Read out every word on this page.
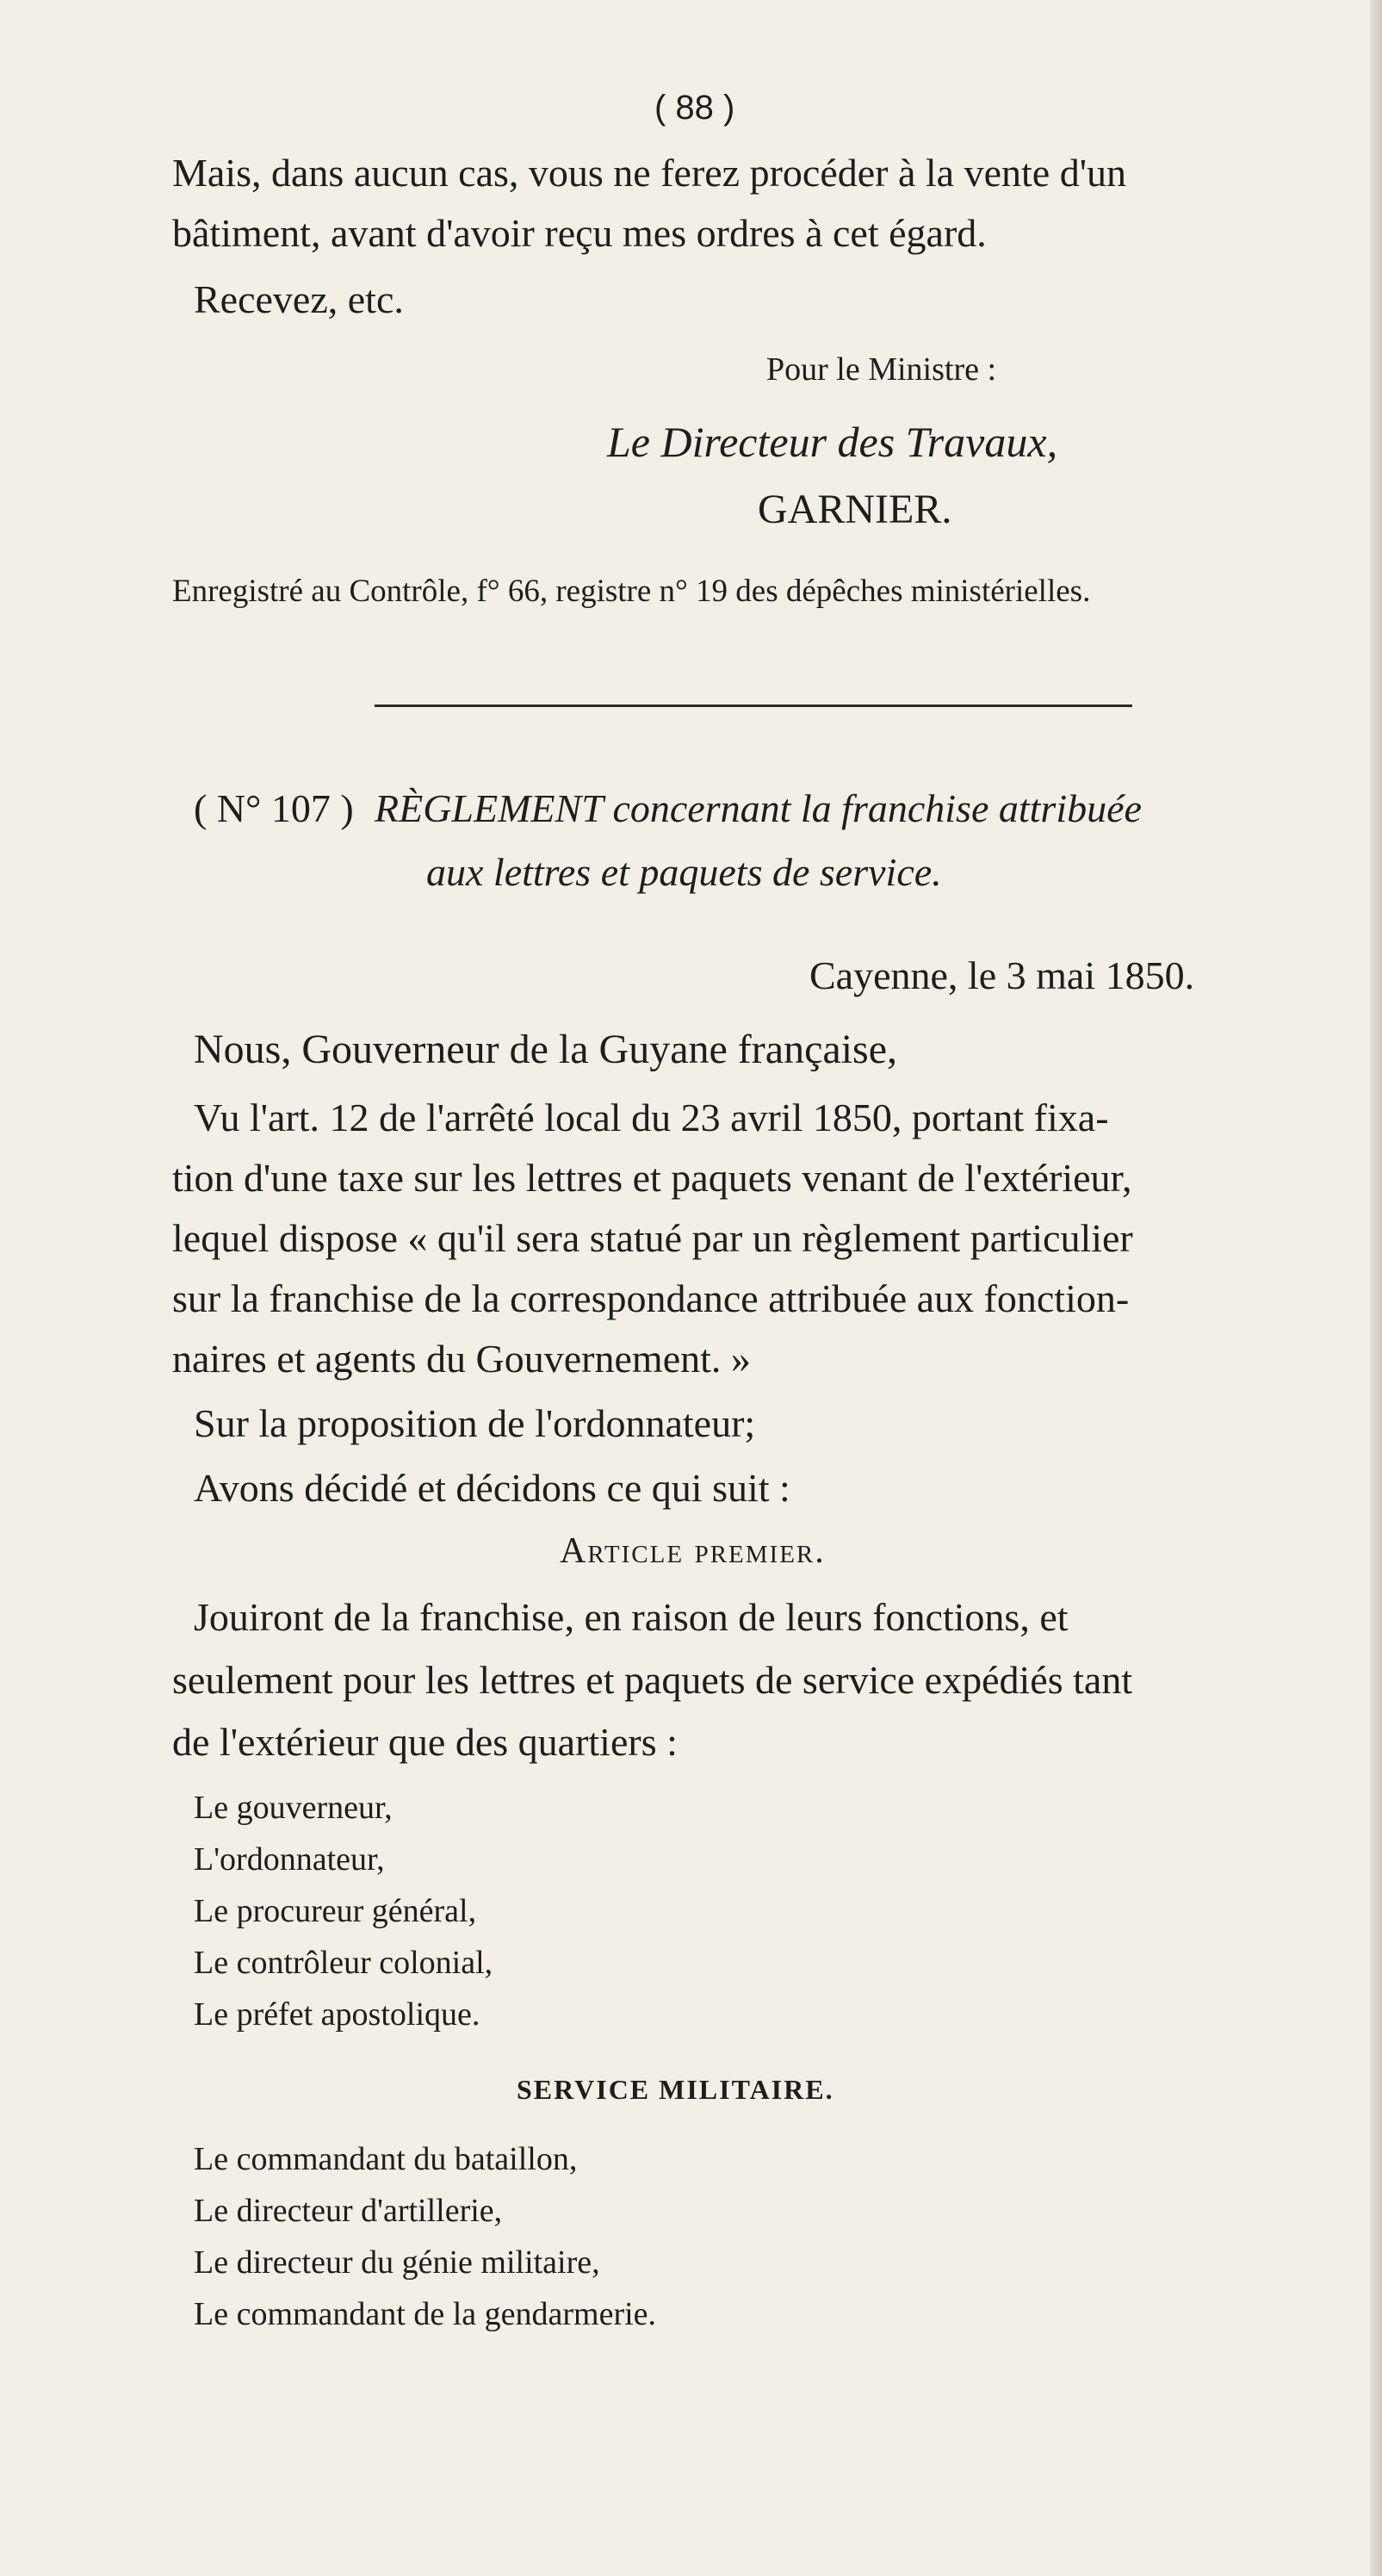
( 88 )
Mais, dans aucun cas, vous ne ferez procéder à la vente d'un
bâtiment, avant d'avoir reçu mes ordres à cet égard.
Recevez, etc.
Pour le Ministre :
Le Directeur des Travaux,
GARNIER.
Enregistré au Contrôle, f° 66, registre n° 19 des dépêches ministérielles.
( N° 107 ) RÈGLEMENT concernant la franchise attribuée
aux lettres et paquets de service.
Cayenne, le 3 mai 1850.
Nous, Gouverneur de la Guyane française,
Vu l'art. 12 de l'arrêté local du 23 avril 1850, portant fixa-
tion d'une taxe sur les lettres et paquets venant de l'extérieur,
lequel dispose « qu'il sera statué par un règlement particulier
sur la franchise de la correspondance attribuée aux fonction-
naires et agents du Gouvernement. »
Sur la proposition de l'ordonnateur;
Avons décidé et décidons ce qui suit :
Article premier.
Jouiront de la franchise, en raison de leurs fonctions, et
seulement pour les lettres et paquets de service expédiés tant
de l'extérieur que des quartiers :
Le gouverneur,
L'ordonnateur,
Le procureur général,
Le contrôleur colonial,
Le préfet apostolique.
SERVICE MILITAIRE.
Le commandant du bataillon,
Le directeur d'artillerie,
Le directeur du génie militaire,
Le commandant de la gendarmerie.
